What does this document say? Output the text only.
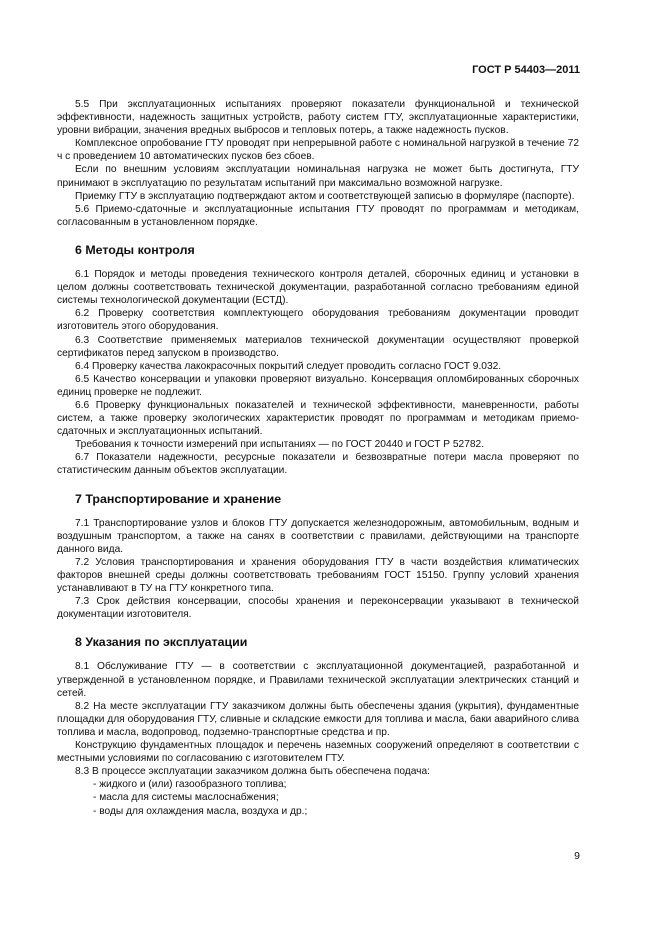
ГОСТ Р 54403—2011
5.5 При эксплуатационных испытаниях проверяют показатели функциональной и технической эффективности, надежность защитных устройств, работу систем ГТУ, эксплуатационные характеристики, уровни вибрации, значения вредных выбросов и тепловых потерь, а также надежность пусков.
Комплексное опробование ГТУ проводят при непрерывной работе с номинальной нагрузкой в течение 72 ч с проведением 10 автоматических пусков без сбоев.
Если по внешним условиям эксплуатации номинальная нагрузка не может быть достигнута, ГТУ принимают в эксплуатацию по результатам испытаний при максимально возможной нагрузке.
Приемку ГТУ в эксплуатацию подтверждают актом и соответствующей записью в формуляре (паспорте).
5.6 Приемо-сдаточные и эксплуатационные испытания ГТУ проводят по программам и методикам, согласованным в установленном порядке.
6 Методы контроля
6.1 Порядок и методы проведения технического контроля деталей, сборочных единиц и установки в целом должны соответствовать технической документации, разработанной согласно требованиям единой системы технологической документации (ЕСТД).
6.2 Проверку соответствия комплектующего оборудования требованиям документации проводит изготовитель этого оборудования.
6.3 Соответствие применяемых материалов технической документации осуществляют проверкой сертификатов перед запуском в производство.
6.4 Проверку качества лакокрасочных покрытий следует проводить согласно ГОСТ 9.032.
6.5 Качество консервации и упаковки проверяют визуально. Консервация опломбированных сборочных единиц проверке не подлежит.
6.6 Проверку функциональных показателей и технической эффективности, маневренности, работы систем, а также проверку экологических характеристик проводят по программам и методикам приемо-сдаточных и эксплуатационных испытаний.
Требования к точности измерений при испытаниях — по ГОСТ 20440 и ГОСТ Р 52782.
6.7 Показатели надежности, ресурсные показатели и безвозвратные потери масла проверяют по статистическим данным объектов эксплуатации.
7 Транспортирование и хранение
7.1 Транспортирование узлов и блоков ГТУ допускается железнодорожным, автомобильным, водным и воздушным транспортом, а также на санях в соответствии с правилами, действующими на транспорте данного вида.
7.2 Условия транспортирования и хранения оборудования ГТУ в части воздействия климатических факторов внешней среды должны соответствовать требованиям ГОСТ 15150. Группу условий хранения устанавливают в ТУ на ГТУ конкретного типа.
7.3 Срок действия консервации, способы хранения и переконсервации указывают в технической документации изготовителя.
8 Указания по эксплуатации
8.1 Обслуживание ГТУ — в соответствии с эксплуатационной документацией, разработанной и утвержденной в установленном порядке, и Правилами технической эксплуатации электрических станций и сетей.
8.2 На месте эксплуатации ГТУ заказчиком должны быть обеспечены здания (укрытия), фундаментные площадки для оборудования ГТУ, сливные и складские емкости для топлива и масла, баки аварийного слива топлива и масла, водопровод, подземно-транспортные средства и пр.
Конструкцию фундаментных площадок и перечень наземных сооружений определяют в соответствии с местными условиями по согласованию с изготовителем ГТУ.
8.3 В процессе эксплуатации заказчиком должна быть обеспечена подача:
- жидкого и (или) газообразного топлива;
- масла для системы маслоснабжения;
- воды для охлаждения масла, воздуха и др.;
9
